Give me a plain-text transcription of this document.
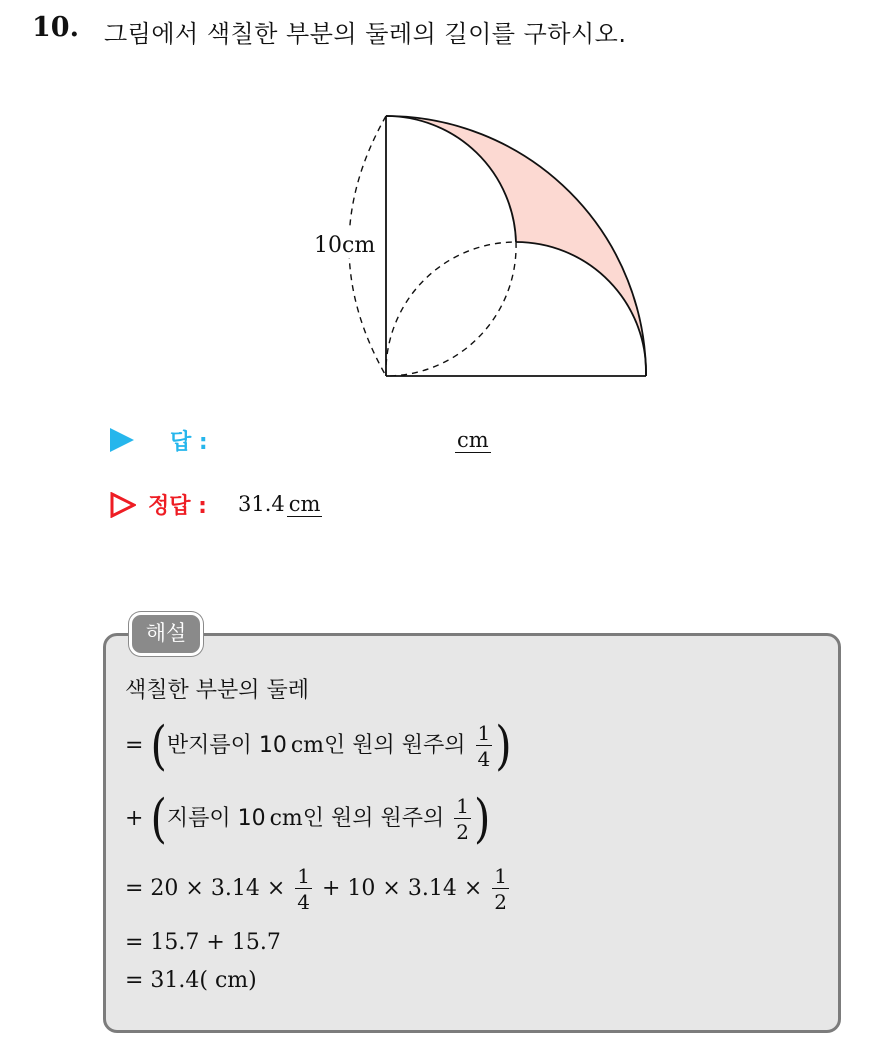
10. 그림에서 색칠한 부분의 둘레의 길이를 구하시오.
10cm
답 :	cm
정답 : 31.4 cm
해설
색칠한 부분의 둘레
= (반지름이 10 cm인 원의 원주의 $\frac{1}{4}$ )
+ (지름이 10 cm인 원의 원주의 $\frac{1}{2}$ )
= $20 \times 3.14 \times \frac{1}{4} + 10 \times 3.14 \times \frac{1}{2}$
= 15.7 + 15.7
= 31.4( cm)
